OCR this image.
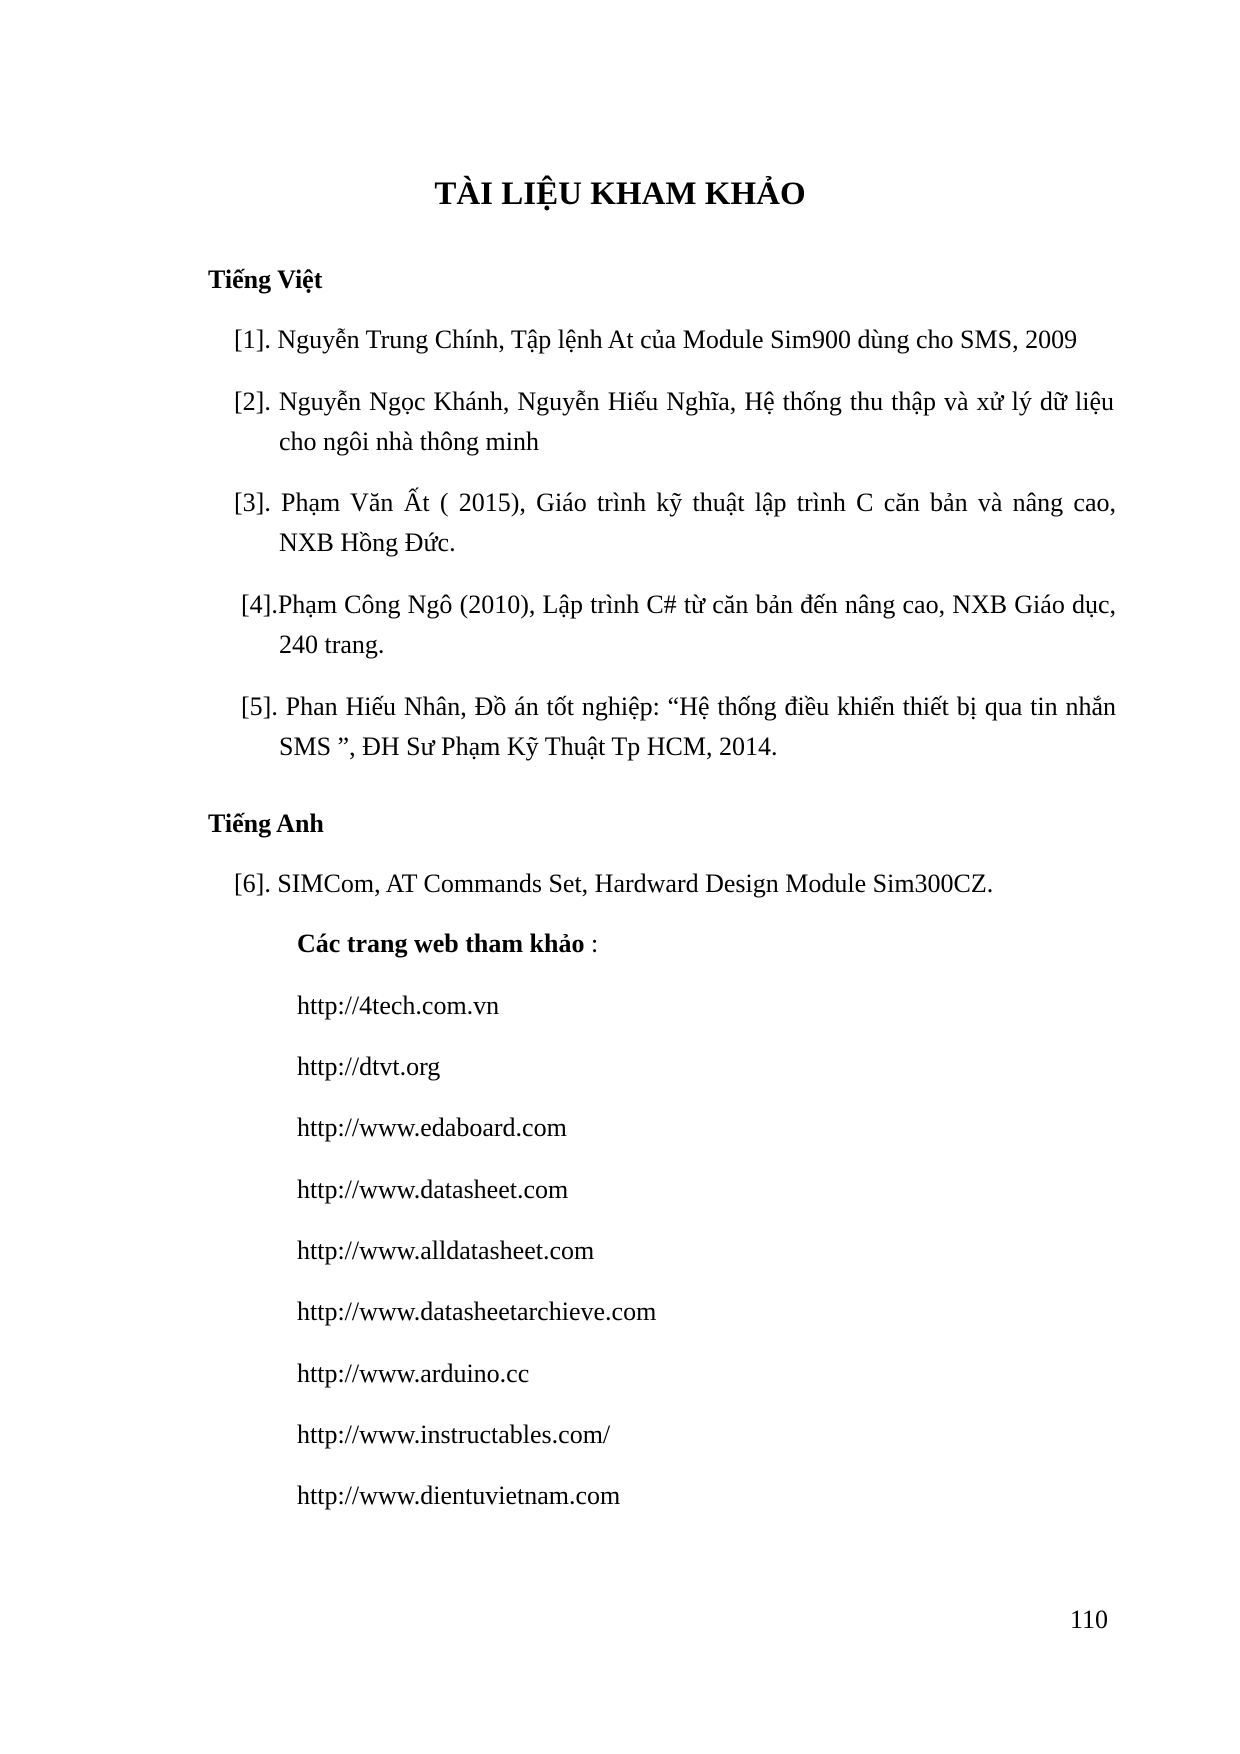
TÀI LIỆU KHAM KHẢO
Tiếng Việt
[1]. Nguyễn Trung Chính, Tập lệnh At của Module Sim900 dùng cho SMS, 2009
[2]. Nguyễn Ngọc Khánh, Nguyễn Hiếu Nghĩa, Hệ thống thu thập và xử lý dữ liệu
cho ngôi nhà thông minh
[3]. Phạm Văn Ất ( 2015), Giáo trình kỹ thuật lập trình C căn bản và nâng cao,
NXB Hồng Đức.
[4].Phạm Công Ngô (2010), Lập trình C# từ căn bản đến nâng cao, NXB Giáo dục,
240 trang.
[5]. Phan Hiếu Nhân, Đồ án tốt nghiệp: “Hệ thống điều khiển thiết bị qua tin nhắn
SMS ”, ĐH Sư Phạm Kỹ Thuật Tp HCM, 2014.
Tiếng Anh
[6]. SIMCom, AT Commands Set, Hardward Design Module Sim300CZ.
Các trang web tham khảo :
http://4tech.com.vn
http://dtvt.org
http://www.edaboard.com
http://www.datasheet.com
http://www.alldatasheet.com
http://www.datasheetarchieve.com
http://www.arduino.cc
http://www.instructables.com/
http://www.dientuvietnam.com
110
